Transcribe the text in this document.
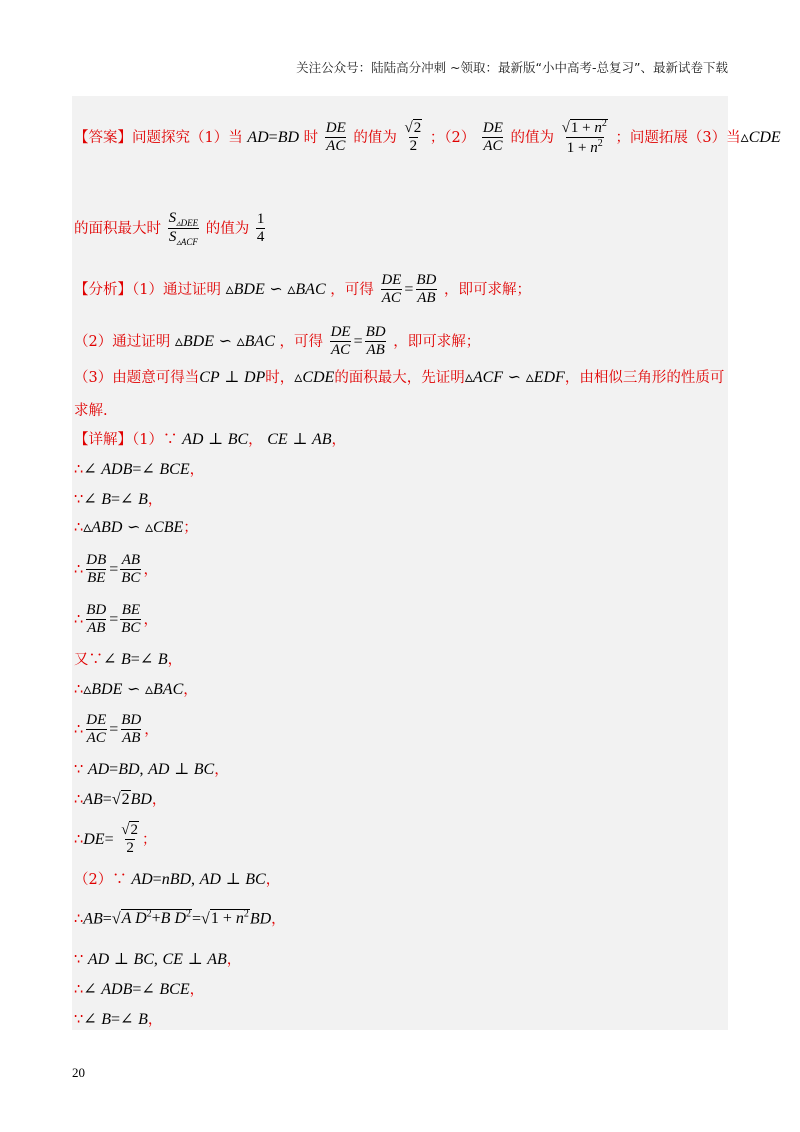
关注公众号：陆陆高分冲刺 ~领取：最新版“小中高考-总复习”、最新试卷下载
【答案】问题探究（1）当 AD=BD 时 $\frac{DE}{AC}$ 的值为 $\frac{√2}{2}$ ；$(2) \frac{DE}{AC}$ 的值为 $\frac{√1 + n^2}{1 + n^2}$ ；问题拓展（3）当▵CDE
的面积最大时 $\frac{S_{▵DEE}}{S_{▵ACF}}$ 的值为 $\frac{1}{4}$
【分析】（1）通过证明 ▵BDE ∽ ▵BAC ，可得 $\frac{DE}{AC} = \frac{BD}{AB}$ ，即可求解；
（2）通过证明 ▵BDE ∽ ▵BAC ，可得 $\frac{DE}{AC} = \frac{BD}{AB}$ ，即可求解；
（3）由题意可得当CP ⊥ DP时，▵CDE的面积最大，先证明▵ACF ∽ ▵EDF，由相似三角形的性质可
求解.
【详解】（1）∵ AD ⊥ BC， CE ⊥ AB，
∴∠ ADB=∠ BCE，
∵∠ B=∠ B，
∴▵ABD ∽ ▵CBE；
∴ $\frac{DB}{BE} = \frac{AB}{BC}$ ，
∴ $\frac{BD}{AB} = \frac{BE}{BC}$ ，
又∵∠ B=∠ B，
∴▵BDE ∽ ▵BAC，
∴ $\frac{DE}{AC} = \frac{BD}{AB}$ ，
∵ AD=BD, AD ⊥ BC，
∴AB=√2BD，
∴DE= $\frac{√2}{2}$ ；
（2）∵ AD=nBD, AD ⊥ BC，
∴AB=√A $D^2+B$ $D^2=√1 + n^2BD$，
∵ AD ⊥ BC, CE ⊥ AB，
∴∠ ADB=∠ BCE，
∵∠ B=∠ B，
20
